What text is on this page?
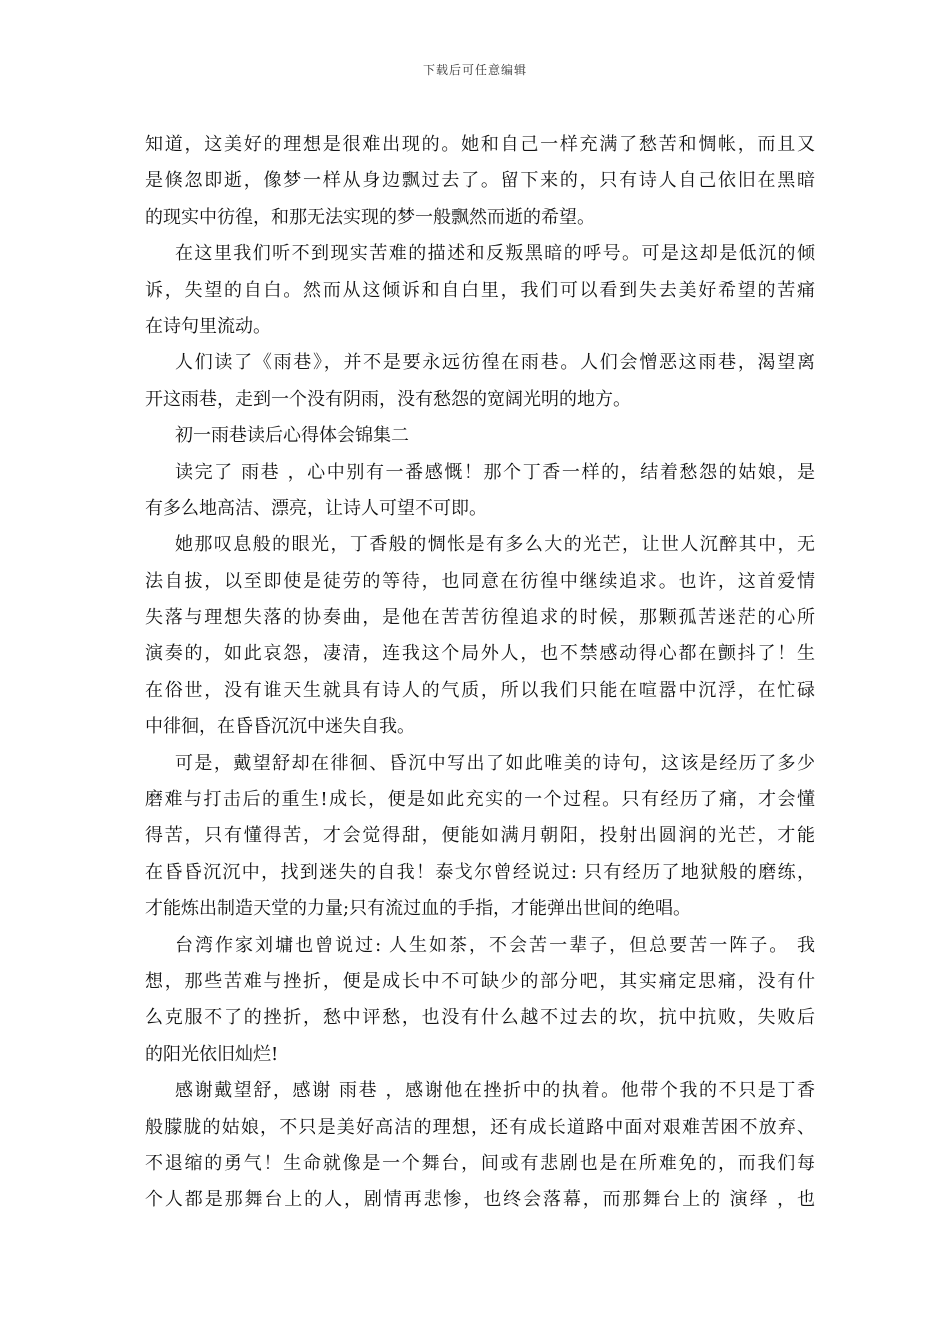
下载后可任意编辑
知道，这美好的理想是很难出现的。她和自己一样充满了愁苦和惆帐，而且又
是倏忽即逝，像梦一样从身边飘过去了。留下来的，只有诗人自己依旧在黑暗
的现实中彷徨，和那无法实现的梦一般飘然而逝的希望。
在这里我们听不到现实苦难的描述和反叛黑暗的呼号。可是这却是低沉的倾
诉，失望的自白。然而从这倾诉和自白里，我们可以看到失去美好希望的苦痛
在诗句里流动。
人们读了《雨巷》，并不是要永远彷徨在雨巷。人们会憎恶这雨巷，渴望离
开这雨巷，走到一个没有阴雨，没有愁怨的宽阔光明的地方。
初一雨巷读后心得体会锦集二
读完了 雨巷 ，心中别有一番感慨！那个丁香一样的，结着愁怨的姑娘，是
有多么地高洁、漂亮，让诗人可望不可即。
她那叹息般的眼光，丁香般的惆怅是有多么大的光芒，让世人沉醉其中，无
法自拔，以至即使是徒劳的等待，也同意在彷徨中继续追求。也许，这首爱情
失落与理想失落的协奏曲，是他在苦苦彷徨追求的时候，那颗孤苦迷茫的心所
演奏的，如此哀怨，凄清，连我这个局外人，也不禁感动得心都在颤抖了！生
在俗世，没有谁天生就具有诗人的气质，所以我们只能在喧嚣中沉浮，在忙碌
中徘徊，在昏昏沉沉中迷失自我。
可是，戴望舒却在徘徊、昏沉中写出了如此唯美的诗句，这该是经历了多少
磨难与打击后的重生!成长，便是如此充实的一个过程。只有经历了痛，才会懂
得苦，只有懂得苦，才会觉得甜，便能如满月朝阳，投射出圆润的光芒，才能
在昏昏沉沉中，找到迷失的自我！泰戈尔曾经说过: 只有经历了地狱般的磨练，
才能炼出制造天堂的力量;只有流过血的手指，才能弹出世间的绝唱。
台湾作家刘墉也曾说过: 人生如茶，不会苦一辈子，但总要苦一阵子。 我
想，那些苦难与挫折，便是成长中不可缺少的部分吧，其实痛定思痛，没有什
么克服不了的挫折，愁中评愁，也没有什么越不过去的坎，抗中抗败，失败后
的阳光依旧灿烂!
感谢戴望舒，感谢 雨巷 ，感谢他在挫折中的执着。他带个我的不只是丁香
般朦胧的姑娘，不只是美好高洁的理想，还有成长道路中面对艰难苦困不放弃、
不退缩的勇气！生命就像是一个舞台，间或有悲剧也是在所难免的，而我们每
个人都是那舞台上的人，剧情再悲惨，也终会落幕，而那舞台上的 演绎 ，也
